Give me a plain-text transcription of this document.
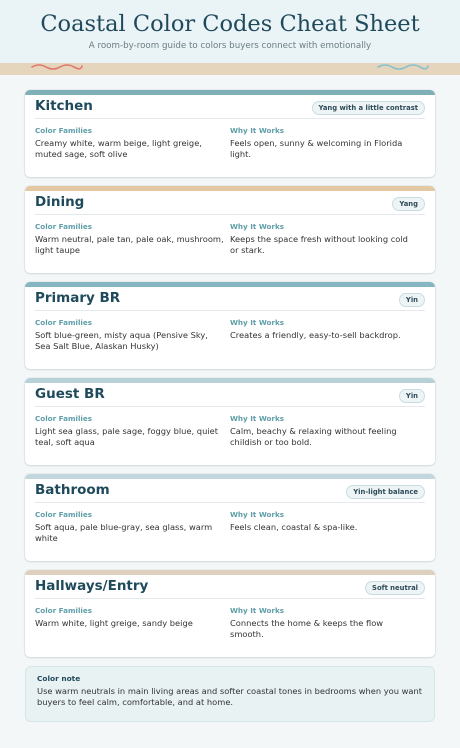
Coastal Color Codes Cheat Sheet
A room-by-room guide to colors buyers connect with emotionally
Kitchen	Yang with a little contrast
Color Families
Creamy white, warm beige, light greige, muted sage, soft olive
Why It Works
Feels open, sunny & welcoming in Florida light.
Dining	Yang
Color Families
Warm neutral, pale tan, pale oak, mushroom, light taupe
Why It Works
Keeps the space fresh without looking cold or stark.
Primary BR	Yin
Color Families
Soft blue-green, misty aqua (Pensive Sky, Sea Salt Blue, Alaskan Husky)
Why It Works
Creates a friendly, easy-to-sell backdrop.
Guest BR	Yin
Color Families
Light sea glass, pale sage, foggy blue, quiet teal, soft aqua
Why It Works
Calm, beachy & relaxing without feeling childish or too bold.
Bathroom	Yin-light balance
Color Families
Soft aqua, pale blue-gray, sea glass, warm white
Why It Works
Feels clean, coastal & spa-like.
Hallways/Entry	Soft neutral
Color Families
Warm white, light greige, sandy beige
Why It Works
Connects the home & keeps the flow smooth.
Color note
Use warm neutrals in main living areas and softer coastal tones in bedrooms when you want buyers to feel calm, comfortable, and at home.
